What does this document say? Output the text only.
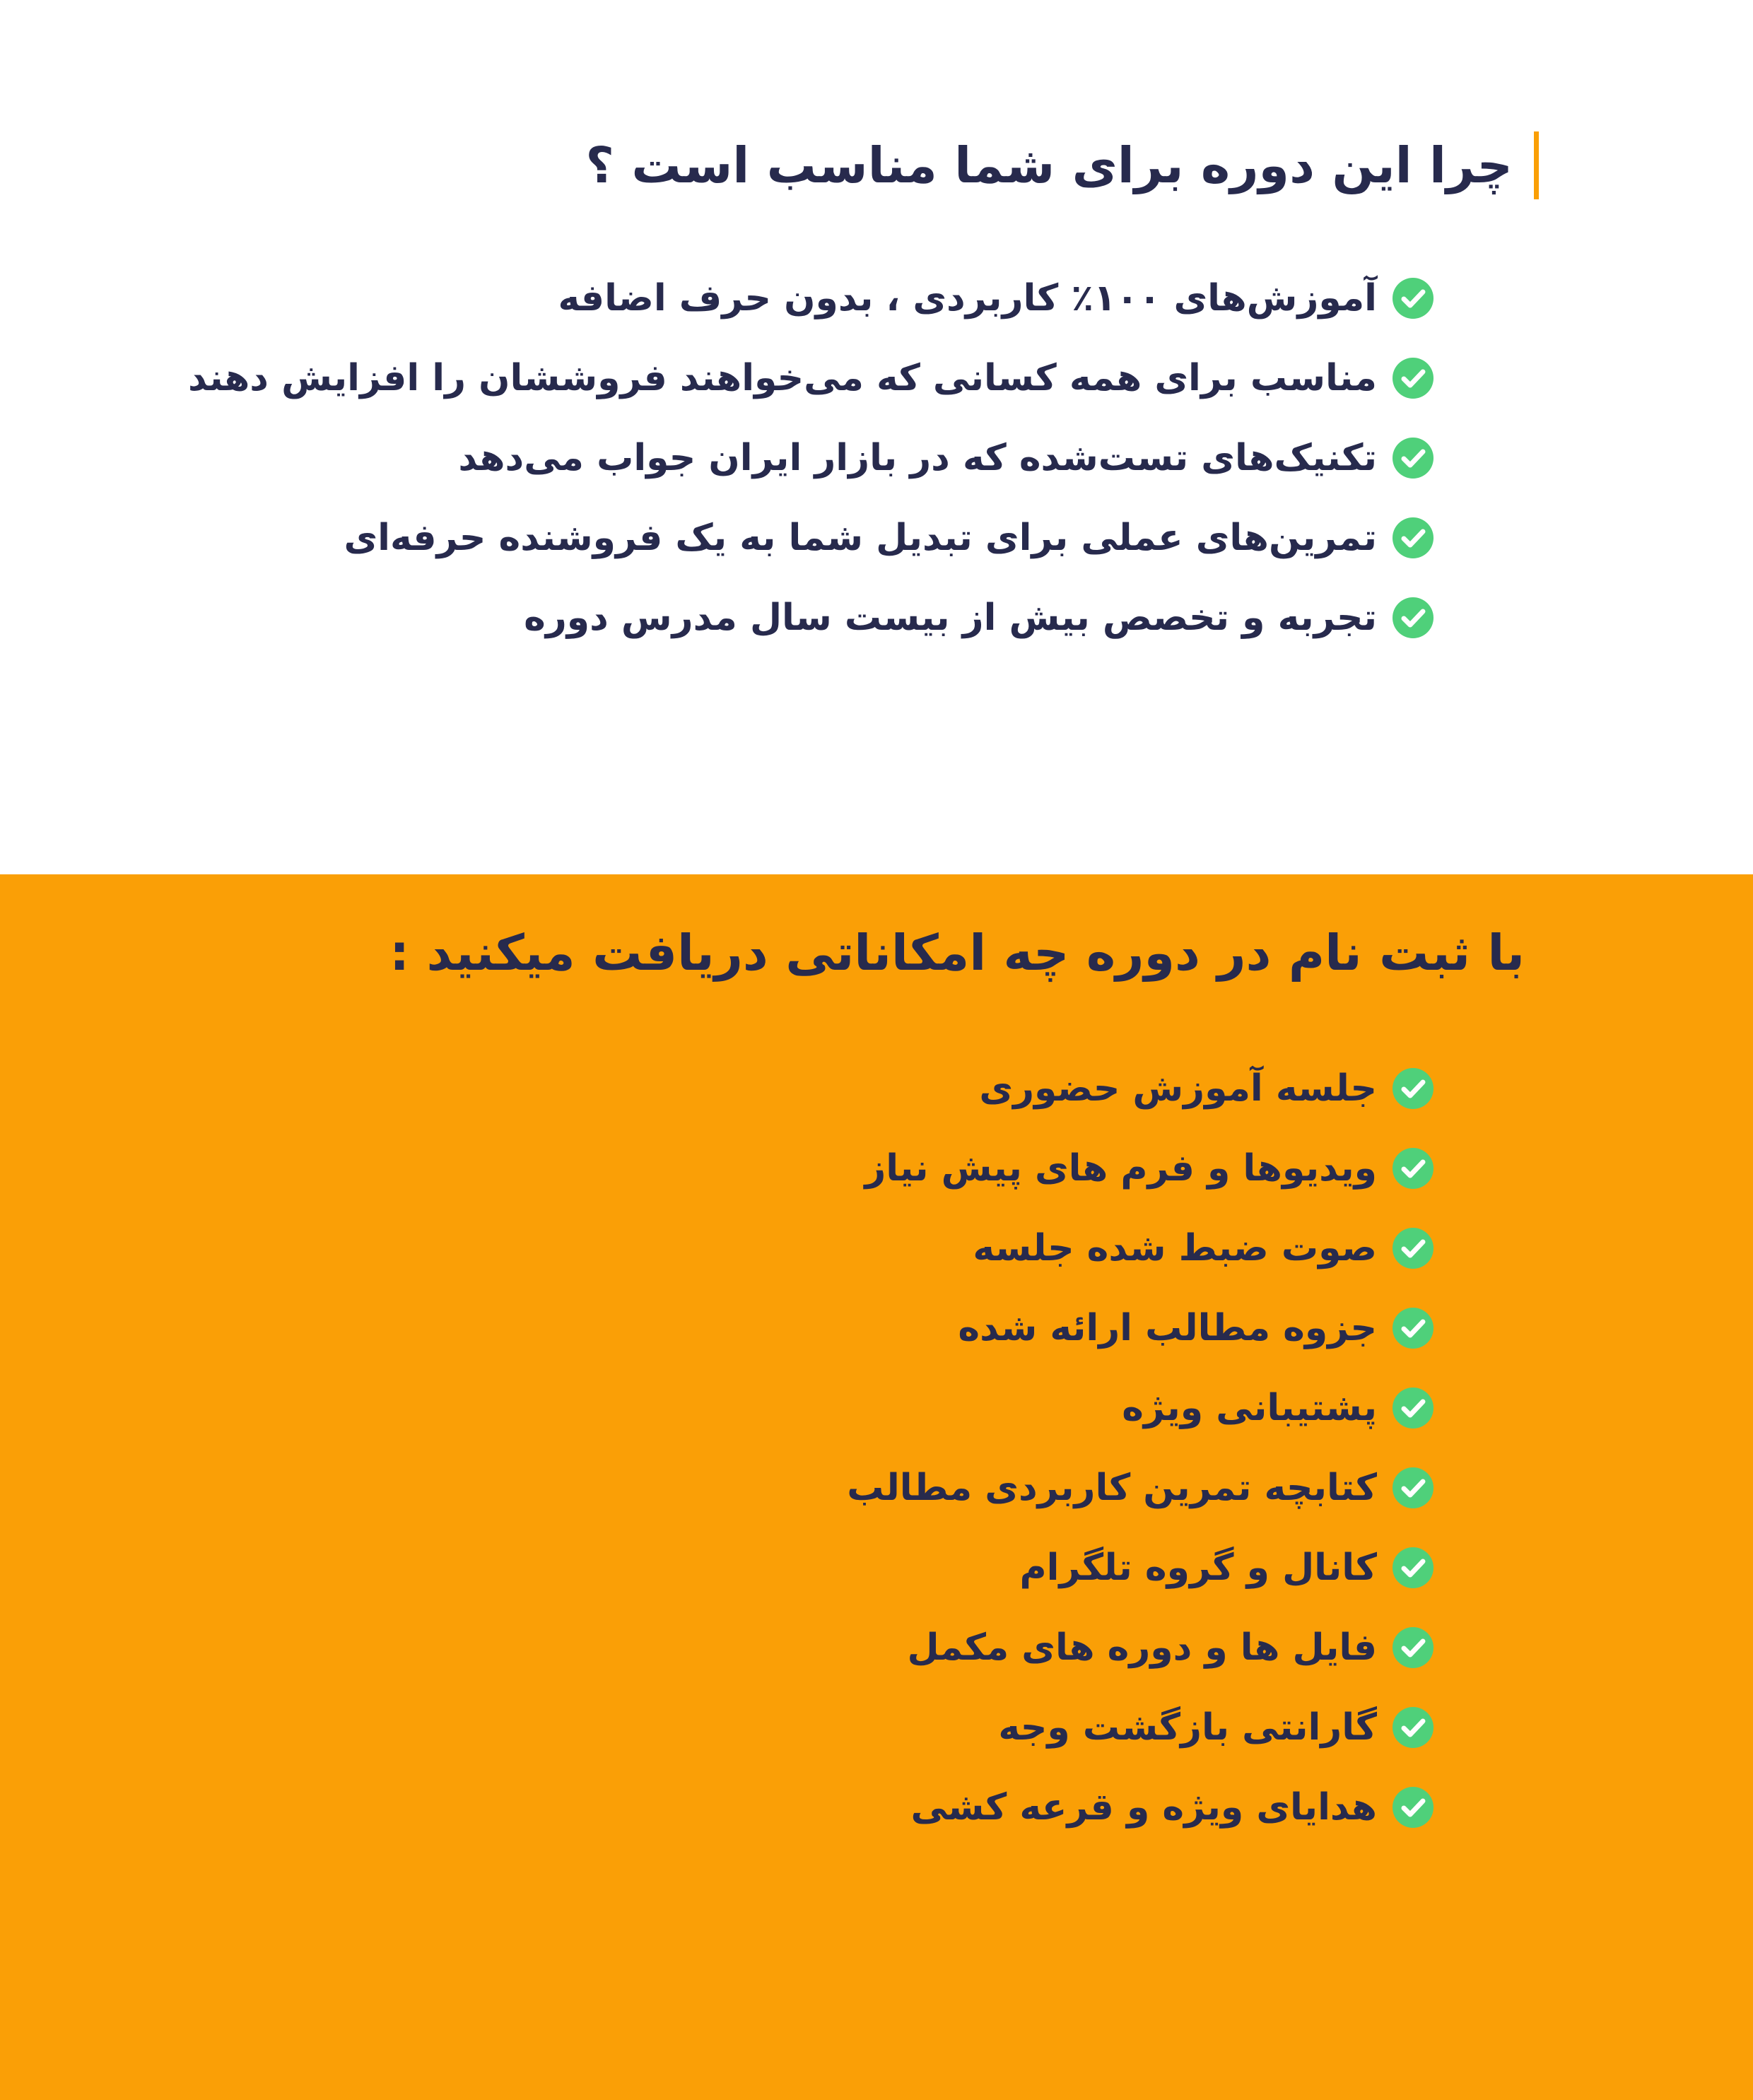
چرا این دوره برای شما مناسب است ؟
آموزش‌های ۱۰۰٪ کاربردی ، بدون حرف اضافه
مناسب برای همه کسانی که می‌خواهند فروششان را افزایش دهند
تکنیک‌های تست‌شده که در بازار ایران جواب می‌دهد
تمرین‌های عملی برای تبدیل شما به یک فروشنده حرفه‌ای
تجربه و تخصص بیش از بیست سال مدرس دوره
با ثبت نام در دوره چه امکاناتی دریافت میکنید :
جلسه آموزش حضوری
ویدیوها و فرم های پیش نیاز
صوت ضبط شده جلسه
جزوه مطالب ارائه شده
پشتیبانی ویژه
کتابچه تمرین کاربردی مطالب
کانال و گروه تلگرام
فایل ها و دوره های مکمل
گارانتی بازگشت وجه
هدایای ویژه و قرعه کشی
